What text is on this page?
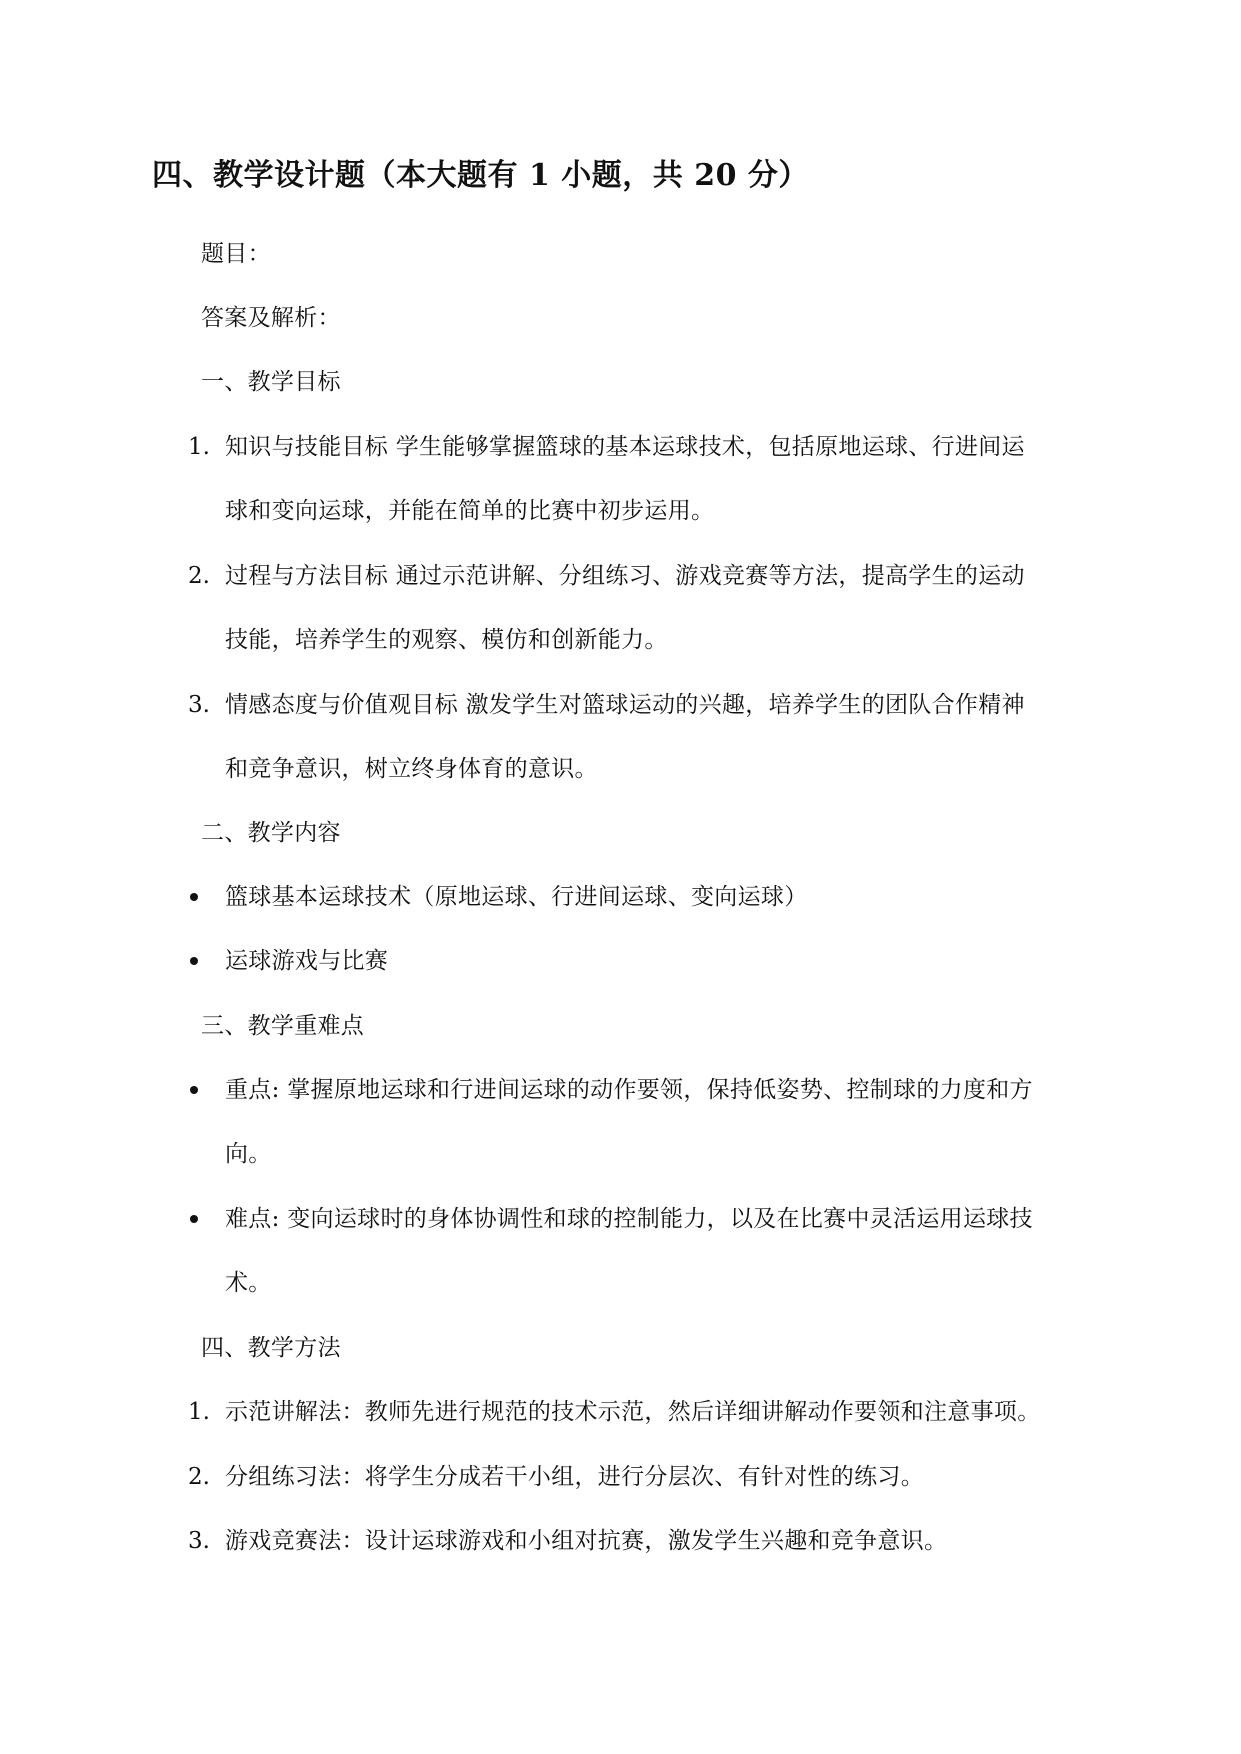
四、教学设计题（本大题有 1 小题，共 20 分）
题目：
答案及解析：
一、教学目标
1. 知识与技能目标 学生能够掌握篮球的基本运球技术，包括原地运球、行进间运
球和变向运球，并能在简单的比赛中初步运用。
2. 过程与方法目标 通过示范讲解、分组练习、游戏竞赛等方法，提高学生的运动
技能，培养学生的观察、模仿和创新能力。
3. 情感态度与价值观目标 激发学生对篮球运动的兴趣，培养学生的团队合作精神
和竞争意识，树立终身体育的意识。
二、教学内容
篮球基本运球技术（原地运球、行进间运球、变向运球）
运球游戏与比赛
三、教学重难点
重点: 掌握原地运球和行进间运球的动作要领，保持低姿势、控制球的力度和方
向。
难点: 变向运球时的身体协调性和球的控制能力，以及在比赛中灵活运用运球技
术。
四、教学方法
1. 示范讲解法：教师先进行规范的技术示范，然后详细讲解动作要领和注意事项。
2. 分组练习法：将学生分成若干小组，进行分层次、有针对性的练习。
3. 游戏竞赛法：设计运球游戏和小组对抗赛，激发学生兴趣和竞争意识。
